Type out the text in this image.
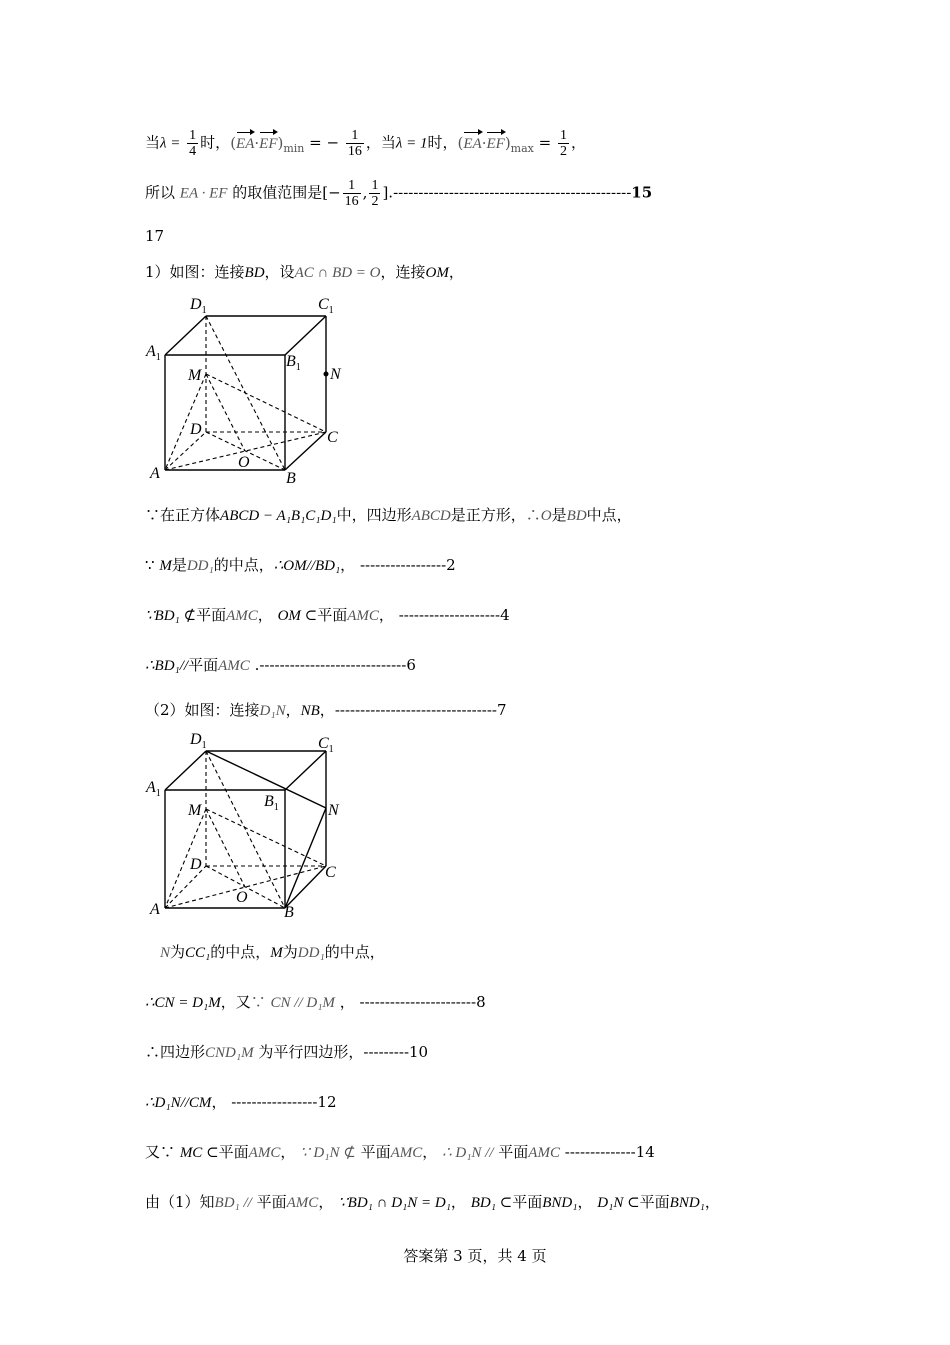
当$\lambda = \frac{1}{4}$ 时，$(EA\cdot EF)_{min}$ = − $\frac{1}{16}$ ，当λ = 1时，$(EA\cdot EF)_{max} = \frac{1}{2}$ ，
所以 EA · EF 的取值范围是[− $\frac{1}{16}$ , $\frac{1}{2} ].-----------------------------------------------15$
17
1）如图：连接BD，设AC ∩ BD = O，连接OM，
$D_1$	$C_1$
$A_1$	$B_1$
M	N
D	C
A	B
O
∵在正方体ABCD − A₁B₁C₁D₁中，四边形ABCD是正方形，∴O是BD中点，
∵ M是DD₁的中点，∴OM//BD₁， -----------------2
∵BD₁ ⊄平面AMC， OM ⊂平面AMC， --------------------4
∴BD₁//平面AMC .-----------------------------6
（2）如图：连接D₁N，NB，--------------------------------7
$D_1$	$C_1$
$A_1$	$B_1$
M	N
D	C
A	B
O
N为CC₁的中点，M为DD₁的中点，
∴CN = D₁M，又∵ CN // D₁M ， -----------------------8
∴四边形CND₁M 为平行四边形，---------10
∴D₁N//CM， -----------------12
又∵ MC ⊂平面AMC， ∵ D₁N ⊄ 平面AMC， ∴ D₁N // 平面AMC --------------14
由（1）知BD₁ // 平面AMC， ∵BD₁ ∩ D₁N = D₁， BD₁ ⊂平面BND₁， D₁N ⊂平面BND₁，
答案第 3 页，共 4 页
